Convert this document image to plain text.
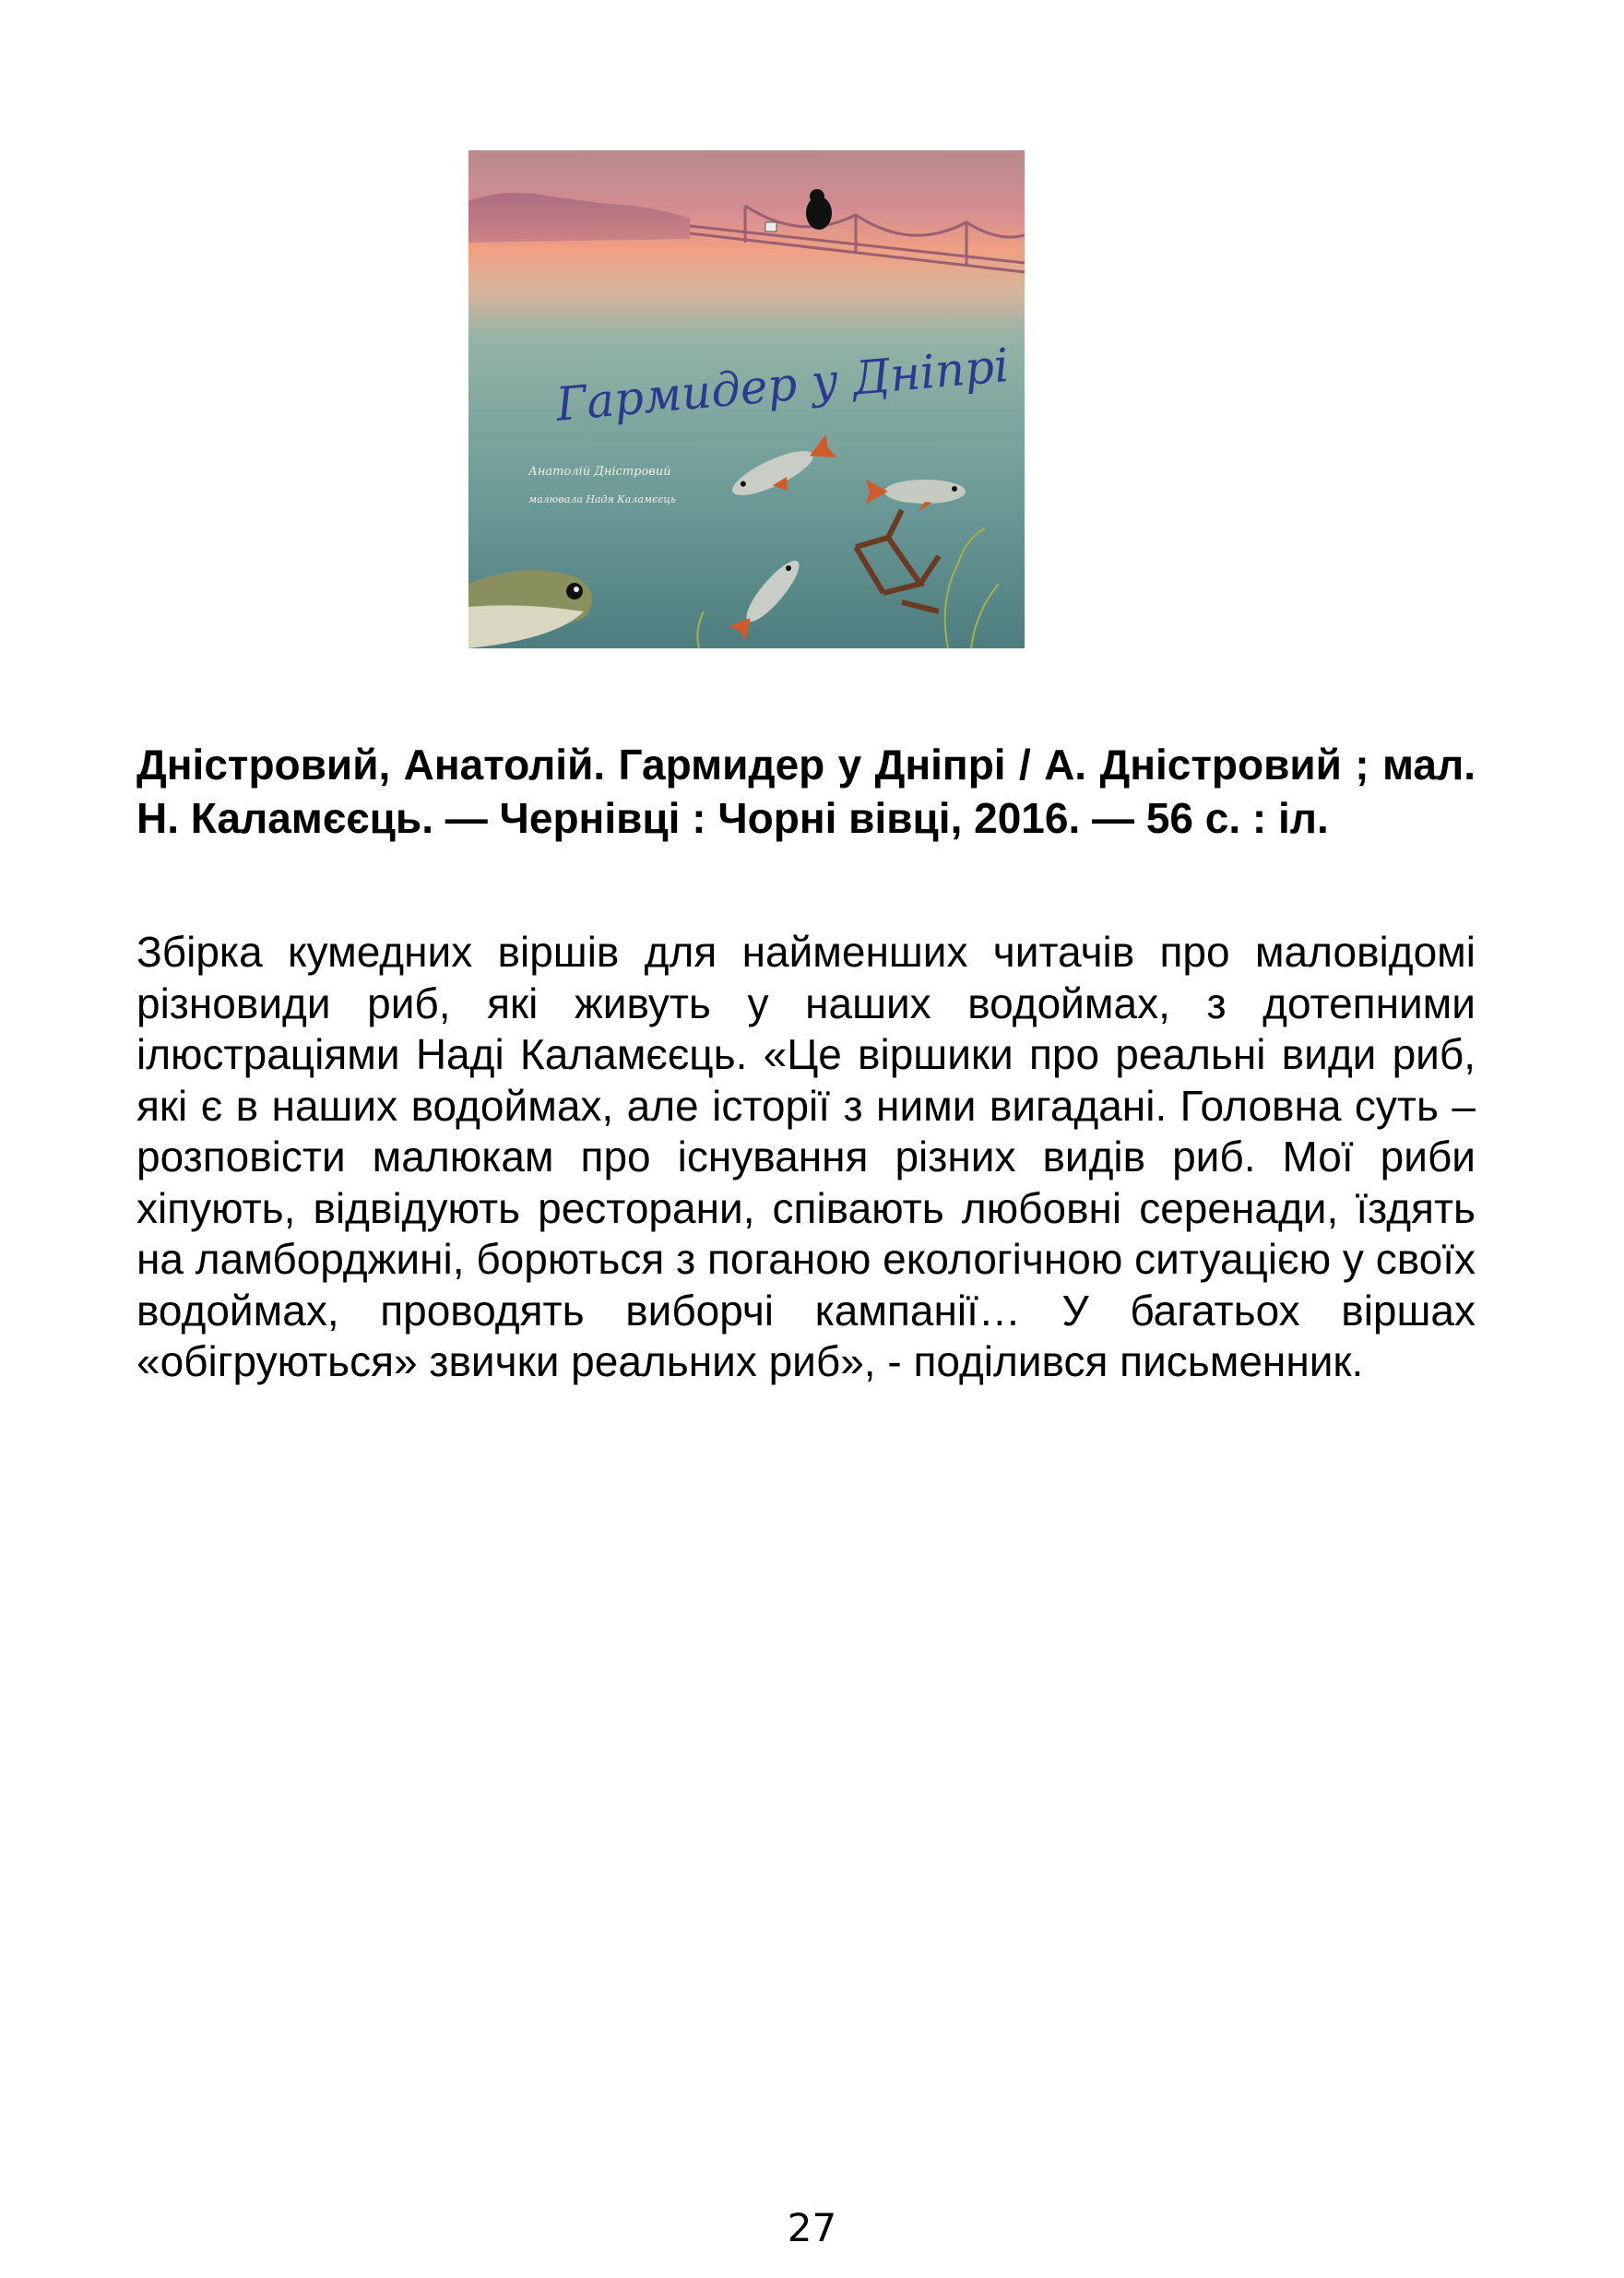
Гармидер у Дніпрі
Анатолій Дністровий
малювала Надя Каламєєць

Дністровий, Анатолій. Гармидер у Дніпрі / А. Дністровий ; мал. Н. Каламєєць. — Чернівці : Чорні вівці, 2016. — 56 с. : іл.

Збірка кумедних віршів для найменших читачів про маловідомі різновиди риб, які живуть у наших водоймах, з дотепними ілюстраціями Наді Каламєєць. «Це віршики про реальні види риб, які є в наших водоймах, але історії з ними вигадані. Головна суть – розповісти малюкам про існування різних видів риб. Мої риби хіпують, відвідують ресторани, співають любовні серенади, їздять на ламборджині, борються з поганою екологічною ситуацією у своїх водоймах, проводять виборчі кампанії… У багатьох віршах «обігруються» звички реальних риб», - поділився письменник.

27
